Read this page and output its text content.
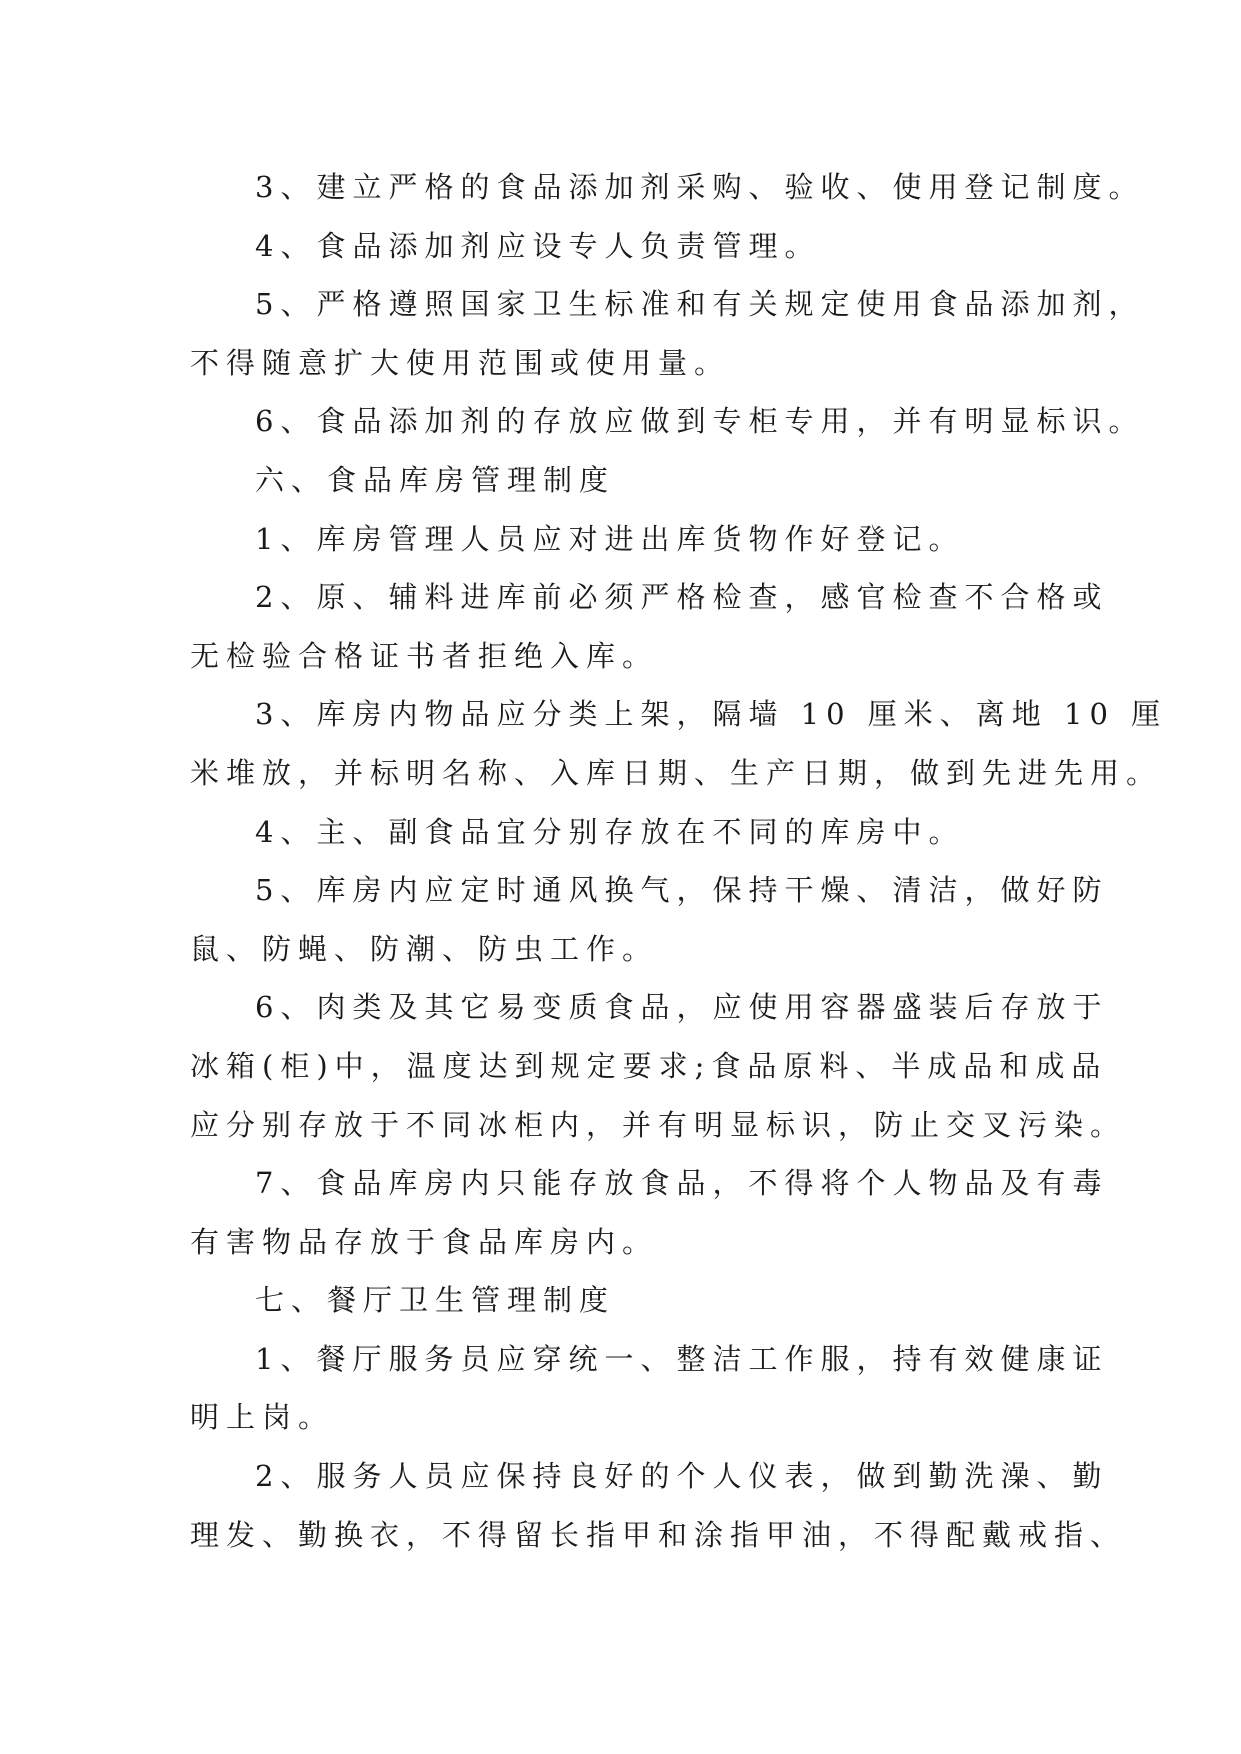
3、建立严格的食品添加剂采购、验收、使用登记制度。
4、食品添加剂应设专人负责管理。
5、严格遵照国家卫生标准和有关规定使用食品添加剂，
不得随意扩大使用范围或使用量。
6、食品添加剂的存放应做到专柜专用，并有明显标识。
六、食品库房管理制度
1、库房管理人员应对进出库货物作好登记。
2、原、辅料进库前必须严格检查，感官检查不合格或
无检验合格证书者拒绝入库。
3、库房内物品应分类上架，隔墙 10 厘米、离地 10 厘
米堆放，并标明名称、入库日期、生产日期，做到先进先用。
4、主、副食品宜分别存放在不同的库房中。
5、库房内应定时通风换气，保持干燥、清洁，做好防
鼠、防蝇、防潮、防虫工作。
6、肉类及其它易变质食品，应使用容器盛装后存放于
冰箱(柜)中，温度达到规定要求;食品原料、半成品和成品
应分别存放于不同冰柜内，并有明显标识，防止交叉污染。
7、食品库房内只能存放食品，不得将个人物品及有毒
有害物品存放于食品库房内。
七、餐厅卫生管理制度
1、餐厅服务员应穿统一、整洁工作服，持有效健康证
明上岗。
2、服务人员应保持良好的个人仪表，做到勤洗澡、勤
理发、勤换衣，不得留长指甲和涂指甲油，不得配戴戒指、
